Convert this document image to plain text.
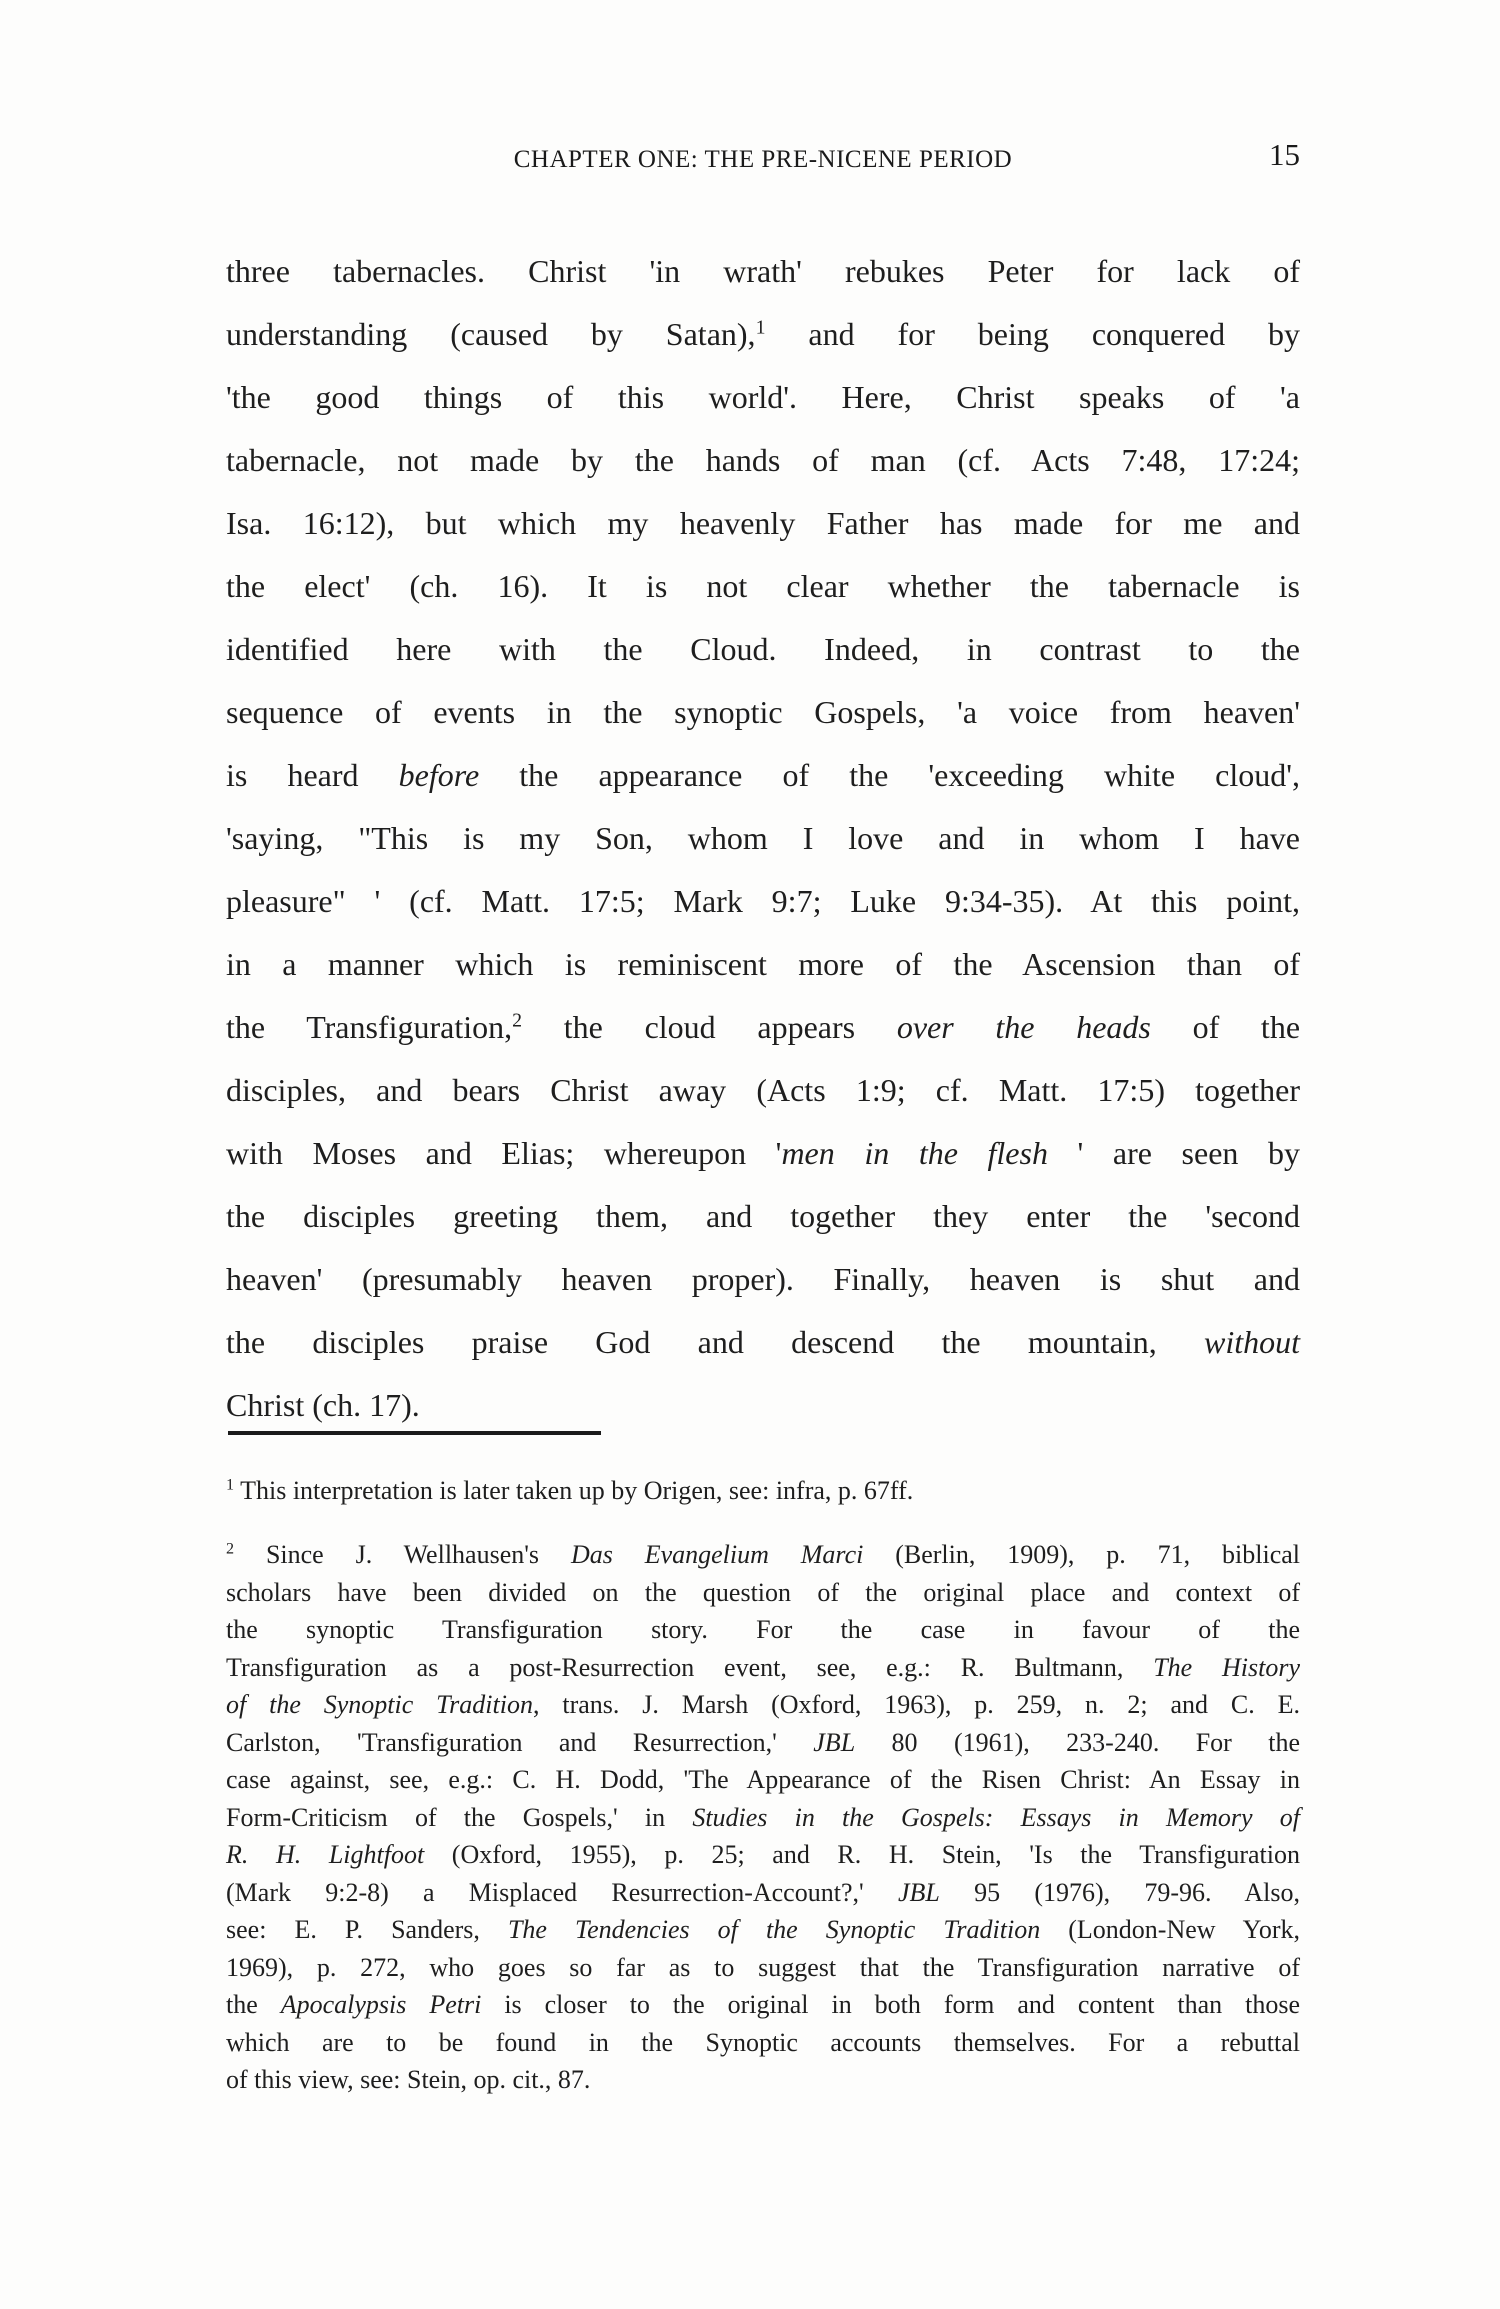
CHAPTER ONE: THE PRE-NICENE PERIOD	15
three tabernacles. Christ 'in wrath' rebukes Peter for lack of
understanding (caused by Satan),$^1$ and for being conquered by
'the good things of this world'. Here, Christ speaks of 'a
tabernacle, not made by the hands of man (cf. Acts 7:48, 17:24;
Isa. 16:12), but which my heavenly Father has made for me and
the elect' (ch. 16). It is not clear whether the tabernacle is
identified here with the Cloud. Indeed, in contrast to the
sequence of events in the synoptic Gospels, 'a voice from heaven'
is heard before the appearance of the 'exceeding white cloud',
'saying, "This is my Son, whom I love and in whom I have
pleasure" ' (cf. Matt. 17:5; Mark 9:7; Luke 9:34-35). At this point,
in a manner which is reminiscent more of the Ascension than of
the Transfiguration,$^2$ the cloud appears over the heads of the
disciples, and bears Christ away (Acts 1:9; cf. Matt. 17:5) together
with Moses and Elias; whereupon 'men in the flesh ' are seen by
the disciples greeting them, and together they enter the 'second
heaven' (presumably heaven proper). Finally, heaven is shut and
the disciples praise God and descend the mountain, without
Christ (ch. 17).
$^1$ This interpretation is later taken up by Origen, see: infra, p. 67ff.
$^2$ Since J. Wellhausen's Das Evangelium Marci (Berlin, 1909), p. 71, biblical
scholars have been divided on the question of the original place and context of
the synoptic Transfiguration story. For the case in favour of the
Transfiguration as a post-Resurrection event, see, e.g.: R. Bultmann, The History
of the Synoptic Tradition, trans. J. Marsh (Oxford, 1963), p. 259, n. 2; and C. E.
Carlston, 'Transfiguration and Resurrection,' JBL 80 (1961), 233-240. For the
case against, see, e.g.: C. H. Dodd, 'The Appearance of the Risen Christ: An Essay in
Form-Criticism of the Gospels,' in Studies in the Gospels: Essays in Memory of
R. H. Lightfoot (Oxford, 1955), p. 25; and R. H. Stein, 'Is the Transfiguration
(Mark 9:2-8) a Misplaced Resurrection-Account?,' JBL 95 (1976), 79-96. Also,
see: E. P. Sanders, The Tendencies of the Synoptic Tradition (London-New York,
1969), p. 272, who goes so far as to suggest that the Transfiguration narrative of
the Apocalypsis Petri is closer to the original in both form and content than those
which are to be found in the Synoptic accounts themselves. For a rebuttal
of this view, see: Stein, op. cit., 87.
